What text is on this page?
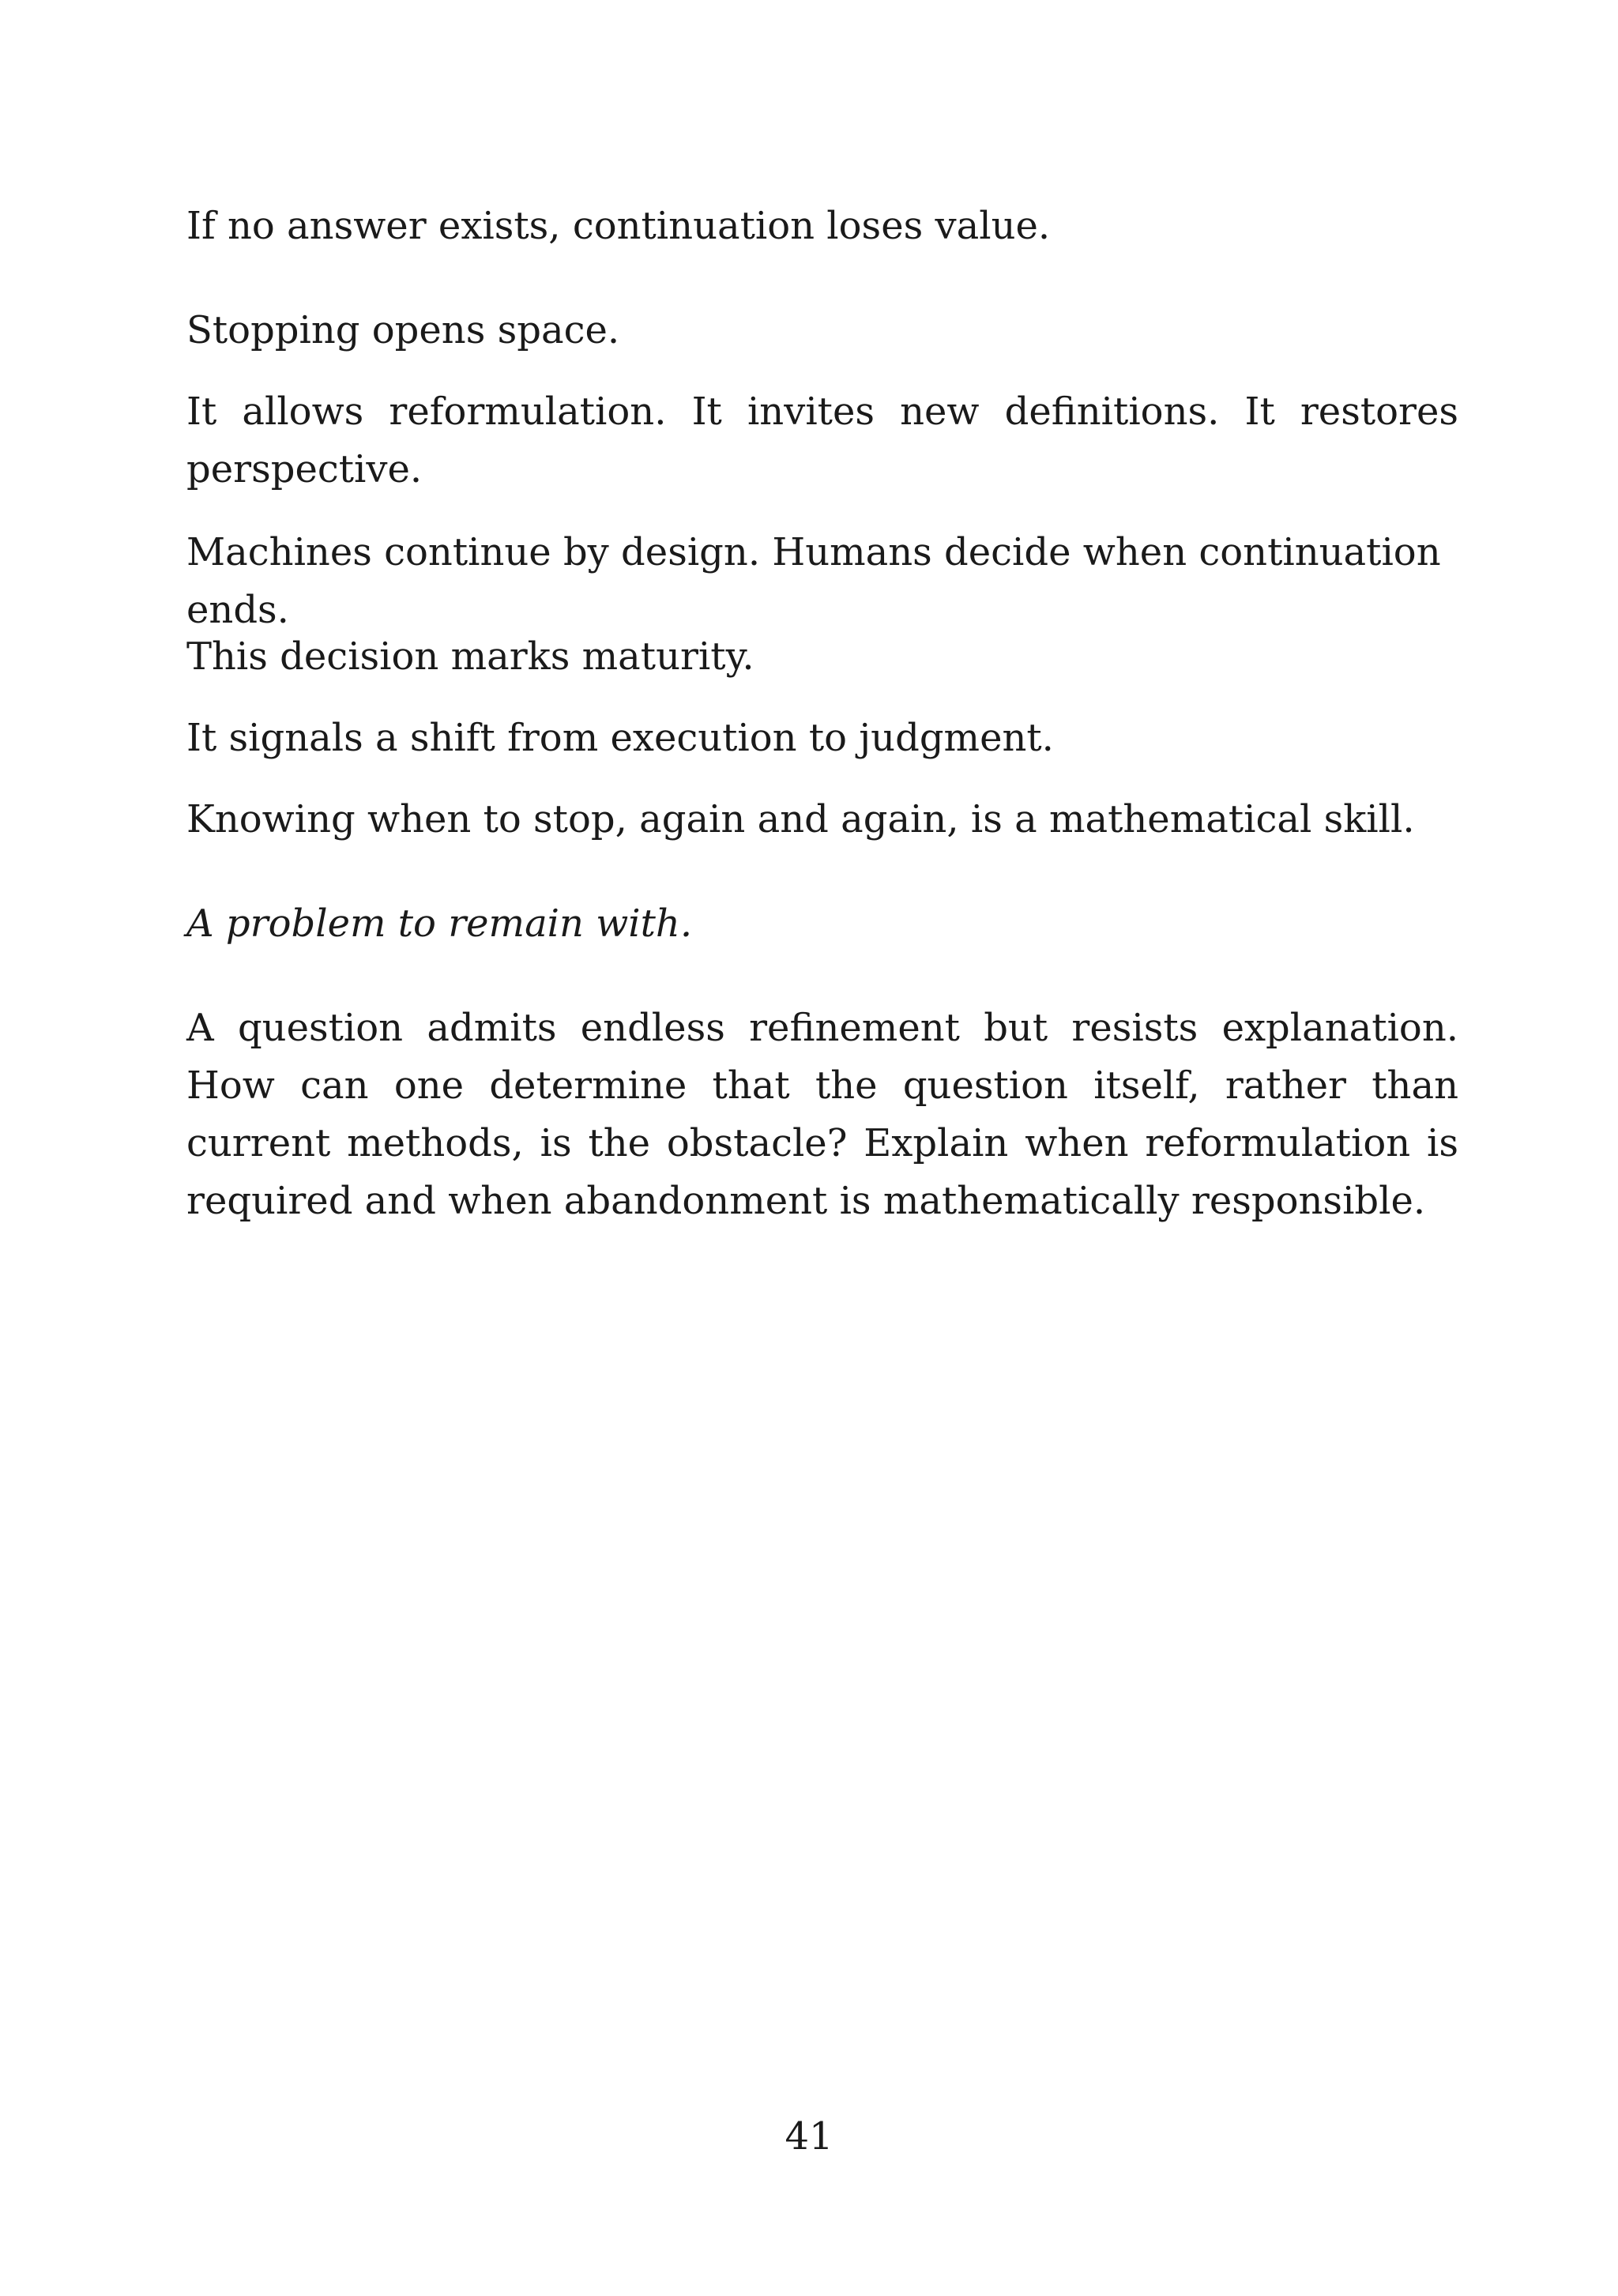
If no answer exists, continuation loses value.

Stopping opens space.

It allows reformulation. It invites new definitions. It restores perspective.

Machines continue by design. Humans decide when continuation ends.

This decision marks maturity.

It signals a shift from execution to judgment.

Knowing when to stop, again and again, is a mathematical skill.

A problem to remain with.

A question admits endless refinement but resists explanation. How can one determine that the question itself, rather than current methods, is the obstacle? Explain when reformulation is required and when abandonment is mathematically responsible.

41
